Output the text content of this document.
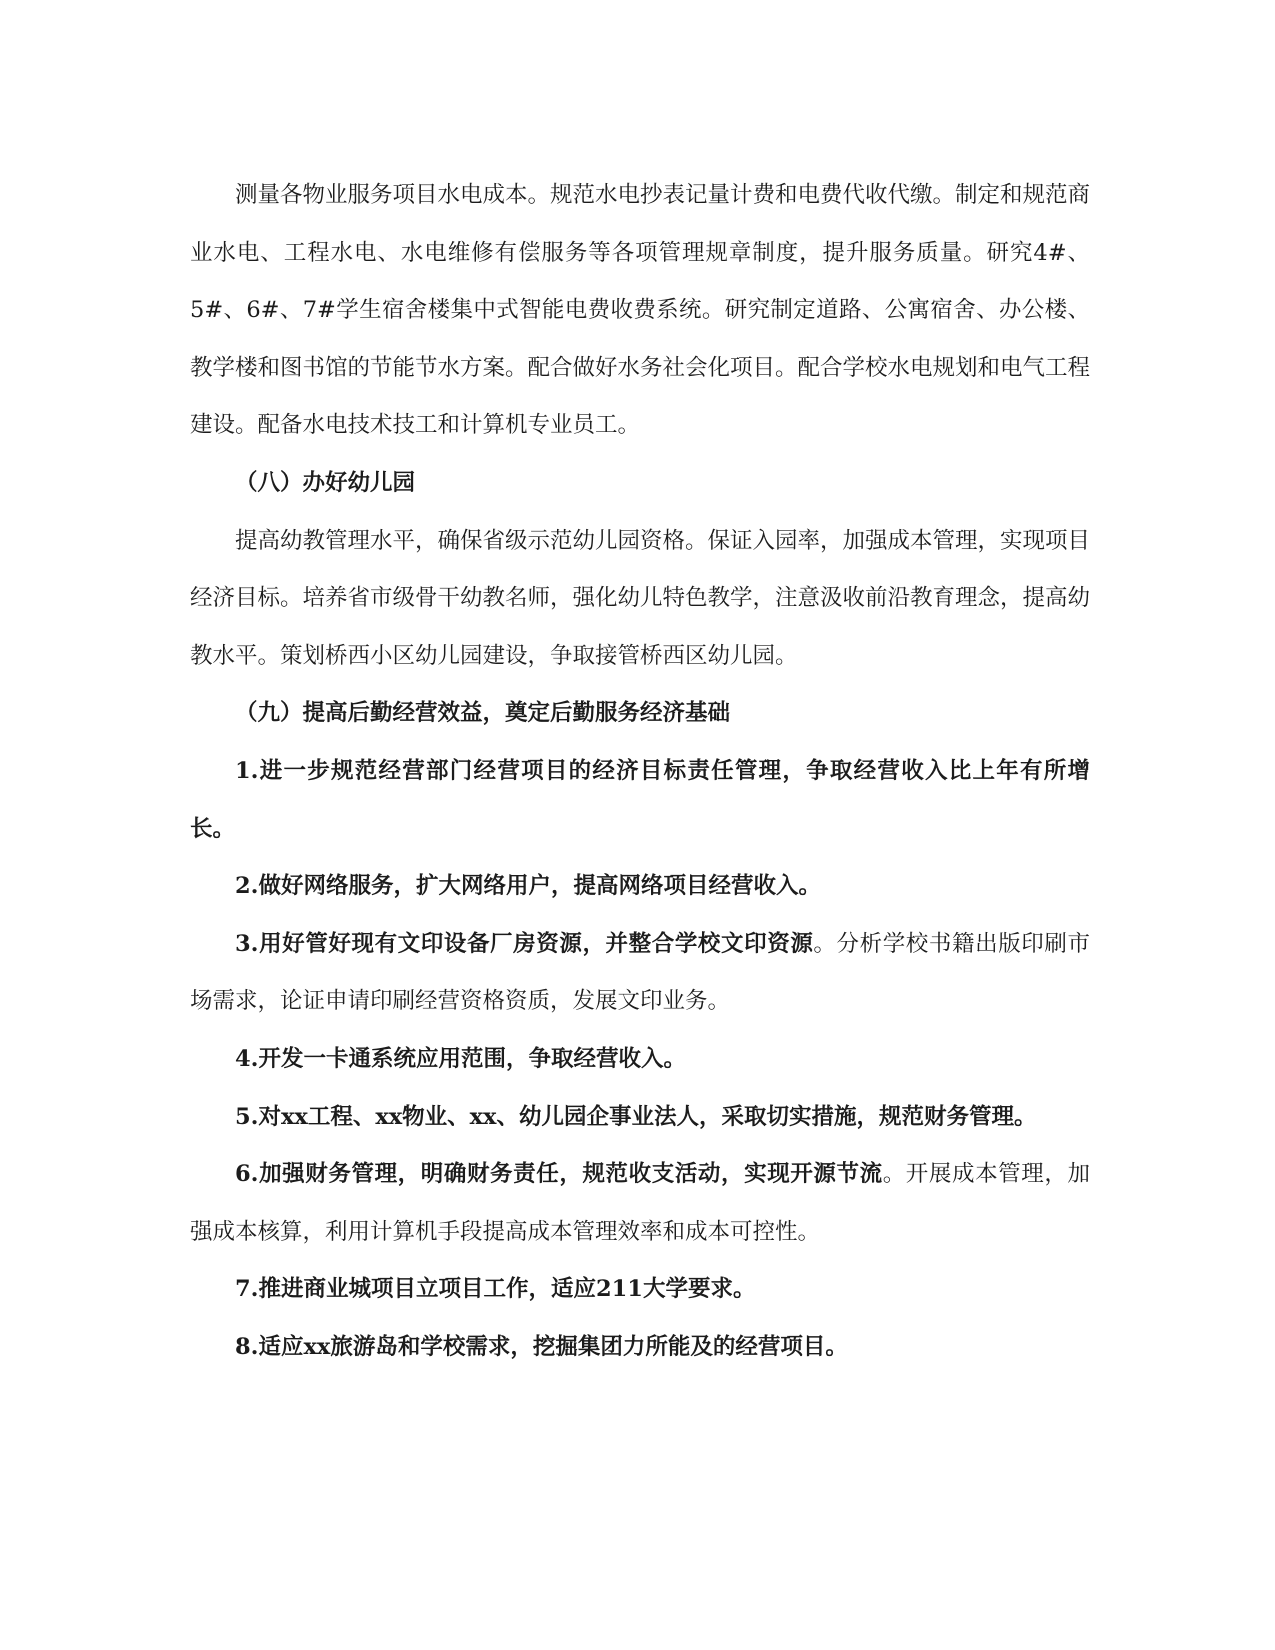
测量各物业服务项目水电成本。规范水电抄表记量计费和电费代收代缴。制定和规范商业水电、工程水电、水电维修有偿服务等各项管理规章制度，提升服务质量。研究4#、5#、6#、7#学生宿舍楼集中式智能电费收费系统。研究制定道路、公寓宿舍、办公楼、教学楼和图书馆的节能节水方案。配合做好水务社会化项目。配合学校水电规划和电气工程建设。配备水电技术技工和计算机专业员工。

（八）办好幼儿园

提高幼教管理水平，确保省级示范幼儿园资格。保证入园率，加强成本管理，实现项目经济目标。培养省市级骨干幼教名师，强化幼儿特色教学，注意汲收前沿教育理念，提高幼教水平。策划桥西小区幼儿园建设，争取接管桥西区幼儿园。

（九）提高后勤经营效益，奠定后勤服务经济基础

1.进一步规范经营部门经营项目的经济目标责任管理，争取经营收入比上年有所增长。

2.做好网络服务，扩大网络用户，提高网络项目经营收入。

3.用好管好现有文印设备厂房资源，并整合学校文印资源。分析学校书籍出版印刷市场需求，论证申请印刷经营资格资质，发展文印业务。

4.开发一卡通系统应用范围，争取经营收入。

5.对xx工程、xx物业、xx、幼儿园企事业法人，采取切实措施，规范财务管理。

6.加强财务管理，明确财务责任，规范收支活动，实现开源节流。开展成本管理，加强成本核算，利用计算机手段提高成本管理效率和成本可控性。

7.推进商业城项目立项目工作，适应211大学要求。

8.适应xx旅游岛和学校需求，挖掘集团力所能及的经营项目。
